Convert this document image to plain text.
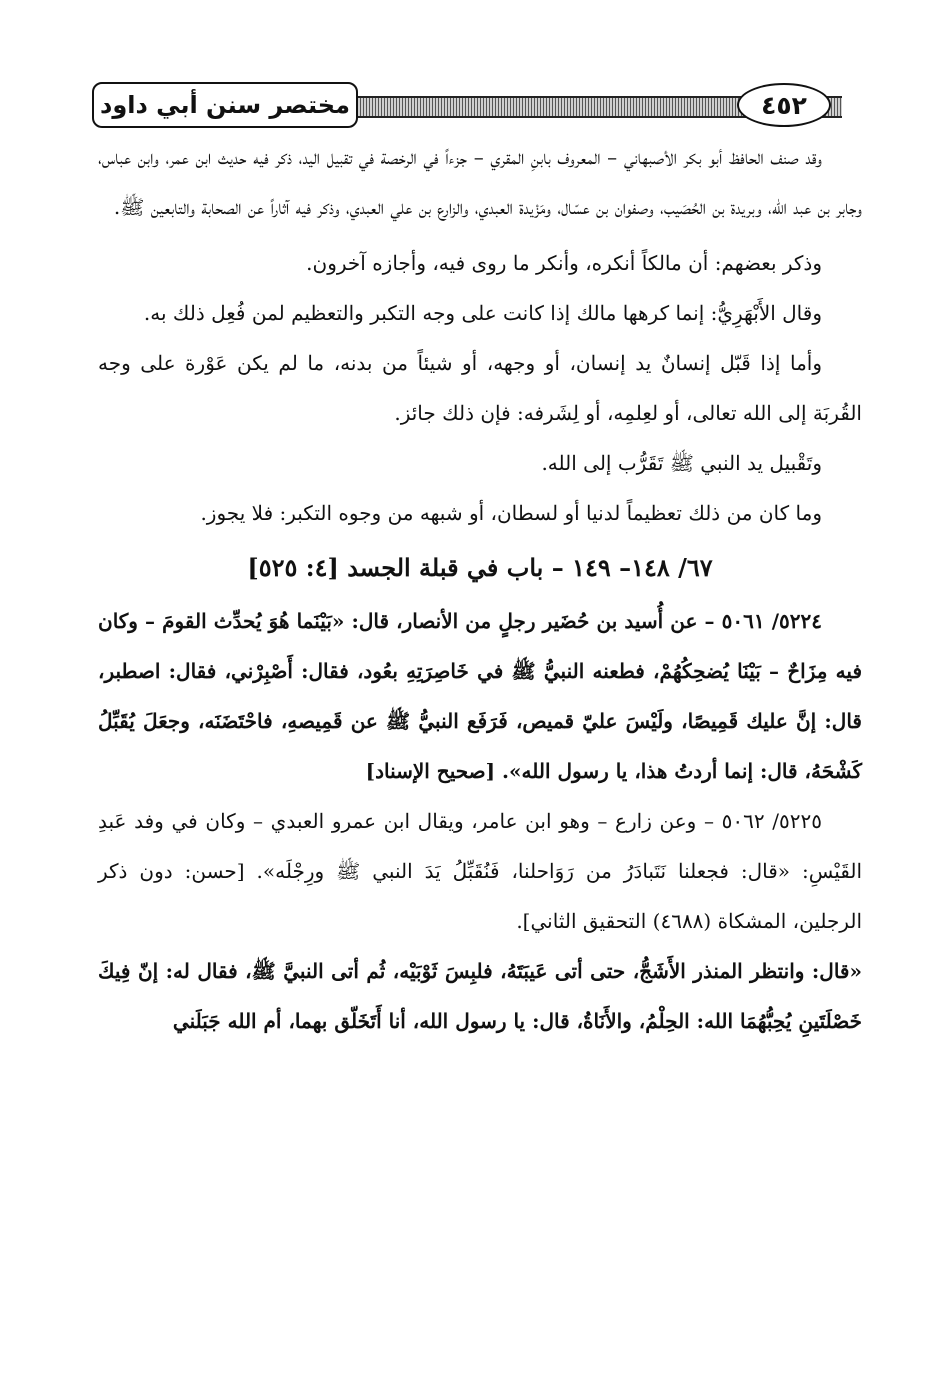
مختصر سنن أبي داود	٤٥٢

وقد صنف الحافظ أبو بكر الأصبهاني – المعروف بابنِ المقري – جزءاً في الرخصة في تقبيل اليد، ذكر فيه حديث ابن عمر، وابن عباس، وجابر بن عبد الله، وبريدة بن الحُصَيب، وصفوان بن عسّال، ومَزْيدة العبدي، والزارع بن علي العبدي، وذكر فيه آثاراً عن الصحابة والتابعين ﷺ.

وذكر بعضهم: أن مالكاً أنكره، وأنكر ما روى فيه، وأجازه آخرون.

وقال الأَبْهَرِيُّ: إنما كرهها مالك إذا كانت على وجه التكبر والتعظيم لمن فُعِل ذلك به.

وأما إذا قَبّل إنسانٌ يد إنسان، أو وجهه، أو شيئاً من بدنه، ما لم يكن عَوْرة على وجه القُربَة إلى الله تعالى، أو لعِلمِه، أو لِشَرفه: فإن ذلك جائز.

وتَقْبيل يد النبي ﷺ تَقَرُّب إلى الله.

وما كان من ذلك تعظيماً لدنيا أو لسطان، أو شبهه من وجوه التكبر: فلا يجوز.

٦٧/ ١٤٨– ١٤٩ – باب في قبلة الجسد [٤: ٥٢٥]

٥٢٢٤/ ٥٠٦١ – عن أُسيد بن حُضَير رجلٍ من الأنصار، قال: «بَيْنَما هُوَ يُحدِّث القومَ – وكان فيه مِزَاحٌ – بَيْنَا يُضحِكُهُمْ، فطعنه النبيُّ ﷺ في خَاصِرَتِهِ بعُود، فقال: أَصْبِرْني، فقال: اصطبر، قال: إنَّ عليك قَمِيصًا، ولَيْسَ عليّ قميص، فَرَفَع النبيُّ ﷺ عن قَمِيصهِ، فاحْتَضَنَه، وجعَلَ يُقَبِّلُ كَشْحَهُ، قال: إنما أردتُ هذا، يا رسول الله». [صحيح الإسناد]

٥٢٢٥/ ٥٠٦٢ – وعن زارع – وهو ابن عامر، ويقال ابن عمرو العبدي – وكان في وفد عَبدِ القَيْسِ: «قال: فجعلنا نَتَبادَرُ من رَوَاحلنا، فَنُقَبِّلُ يَدَ النبي ﷺ ورِجْلَه». [حسن: دون ذكر الرجلين، المشكاة (٤٦٨٨) التحقيق الثاني].

«قال: وانتظر المنذر الأَشَجُّ، حتى أتى عَيبَتَهُ، فلبِسَ ثَوْبَيْه، ثُم أتى النبيَّ ﷺ، فقال له: إنّ فِيكَ خَصْلَتَينِ يُحِبُّهُمَا الله: الحِلْمُ، والأَنَاةُ، قال: يا رسول الله، أنا أَتَخَلّق بهما، أم الله جَبَلَني
